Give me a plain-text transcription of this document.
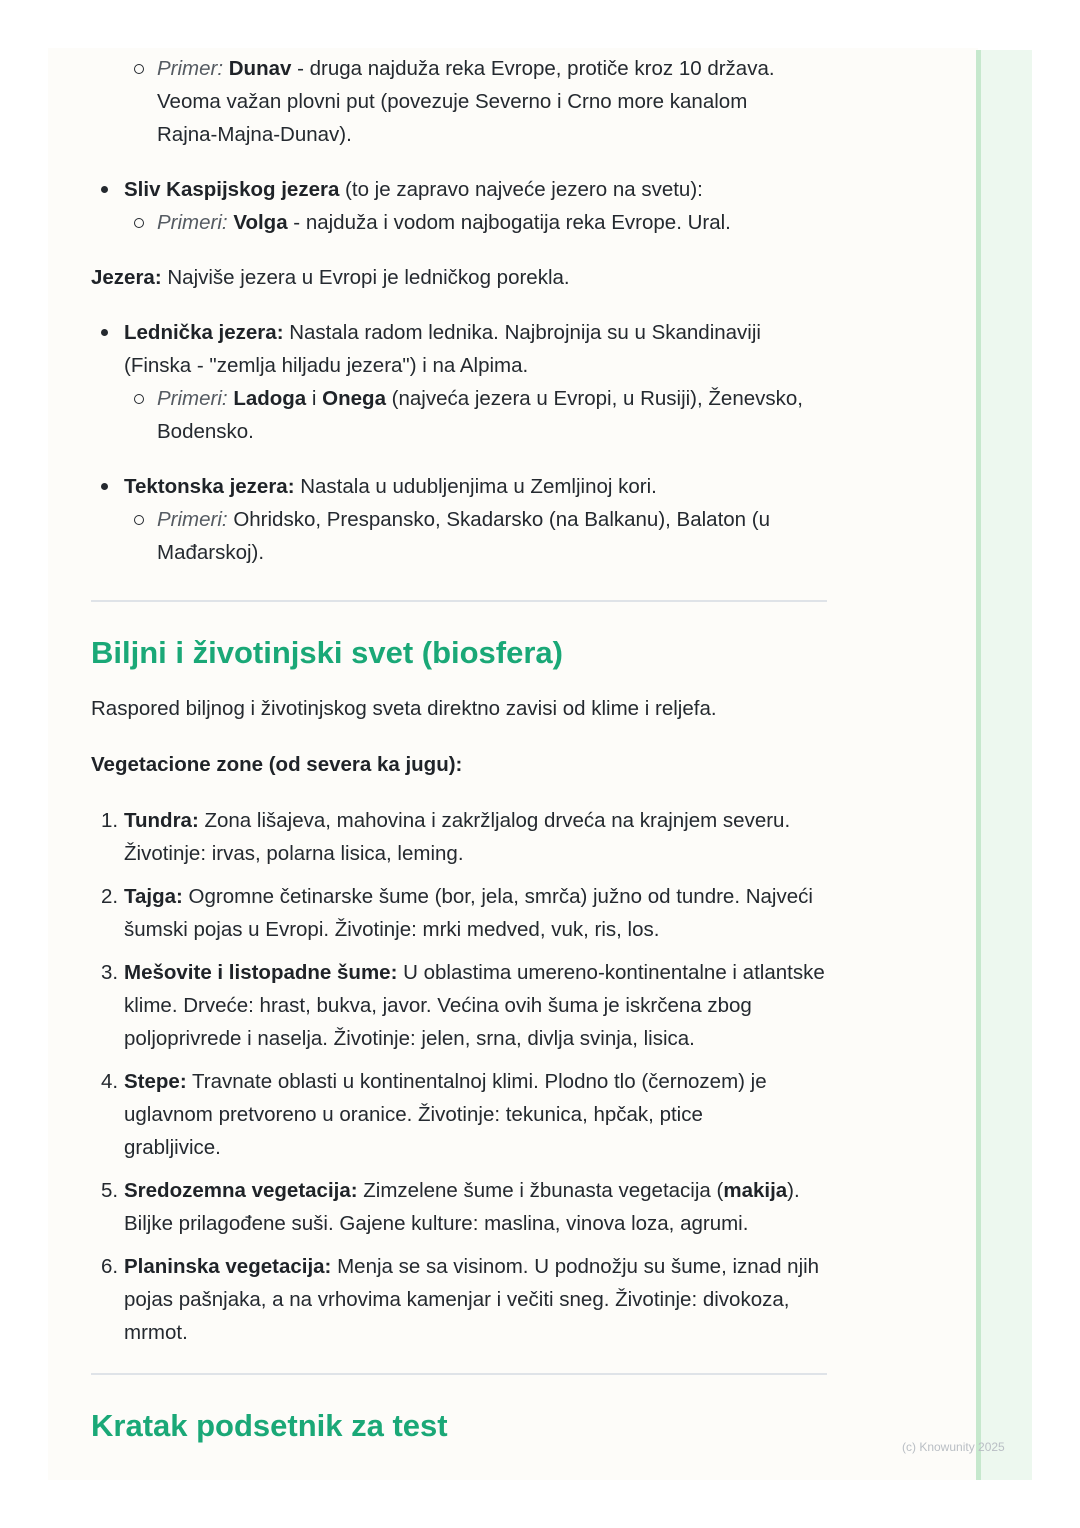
Primer: Dunav - druga najduža reka Evrope, protiče kroz 10 država. Veoma važan plovni put (povezuje Severno i Crno more kanalom Rajna-Majna-Dunav).
Sliv Kaspijskog jezera (to je zapravo najveće jezero na svetu):
Primeri: Volga - najduža i vodom najbogatija reka Evrope. Ural.

Jezera: Najviše jezera u Evropi je ledničkog porekla.

Lednička jezera: Nastala radom lednika. Najbrojnija su u Skandinaviji (Finska - "zemlja hiljadu jezera") i na Alpima.
Primeri: Ladoga i Onega (najveća jezera u Evropi, u Rusiji), Ženevsko, Bodensko.
Tektonska jezera: Nastala u udubljenjima u Zemljinoj kori.
Primeri: Ohridsko, Prespansko, Skadarsko (na Balkanu), Balaton (u Mađarskoj).
Biljni i životinjski svet (biosfera)

Raspored biljnog i životinjskog sveta direktno zavisi od klime i reljefa.

Vegetacione zone (od severa ka jugu):

1. Tundra: Zona lišajeva, mahovina i zakržljalog drveća na krajnjem severu. Životinje: irvas, polarna lisica, leming.
2. Tajga: Ogromne četinarske šume (bor, jela, smrča) južno od tundre. Najveći šumski pojas u Evropi. Životinje: mrki medved, vuk, ris, los.
3. Mešovite i listopadne šume: U oblastima umereno-kontinentalne i atlantske klime. Drveće: hrast, bukva, javor. Većina ovih šuma je iskrčena zbog poljoprivrede i naselja. Životinje: jelen, srna, divlja svinja, lisica.
4. Stepe: Travnate oblasti u kontinentalnoj klimi. Plodno tlo (černozem) je uglavnom pretvoreno u oranice. Životinje: tekunica, hpčak, ptice grabljivice.
5. Sredozemna vegetacija: Zimzelene šume i žbunasta vegetacija (makija). Biljke prilagođene suši. Gajene kulture: maslina, vinova loza, agrumi.
6. Planinska vegetacija: Menja se sa visinom. U podnožju su šume, iznad njih pojas pašnjaka, a na vrhovima kamenjar i večiti sneg. Životinje: divokoza, mrmot.
Kratak podsetnik za test
(c) Knowunity 2025
